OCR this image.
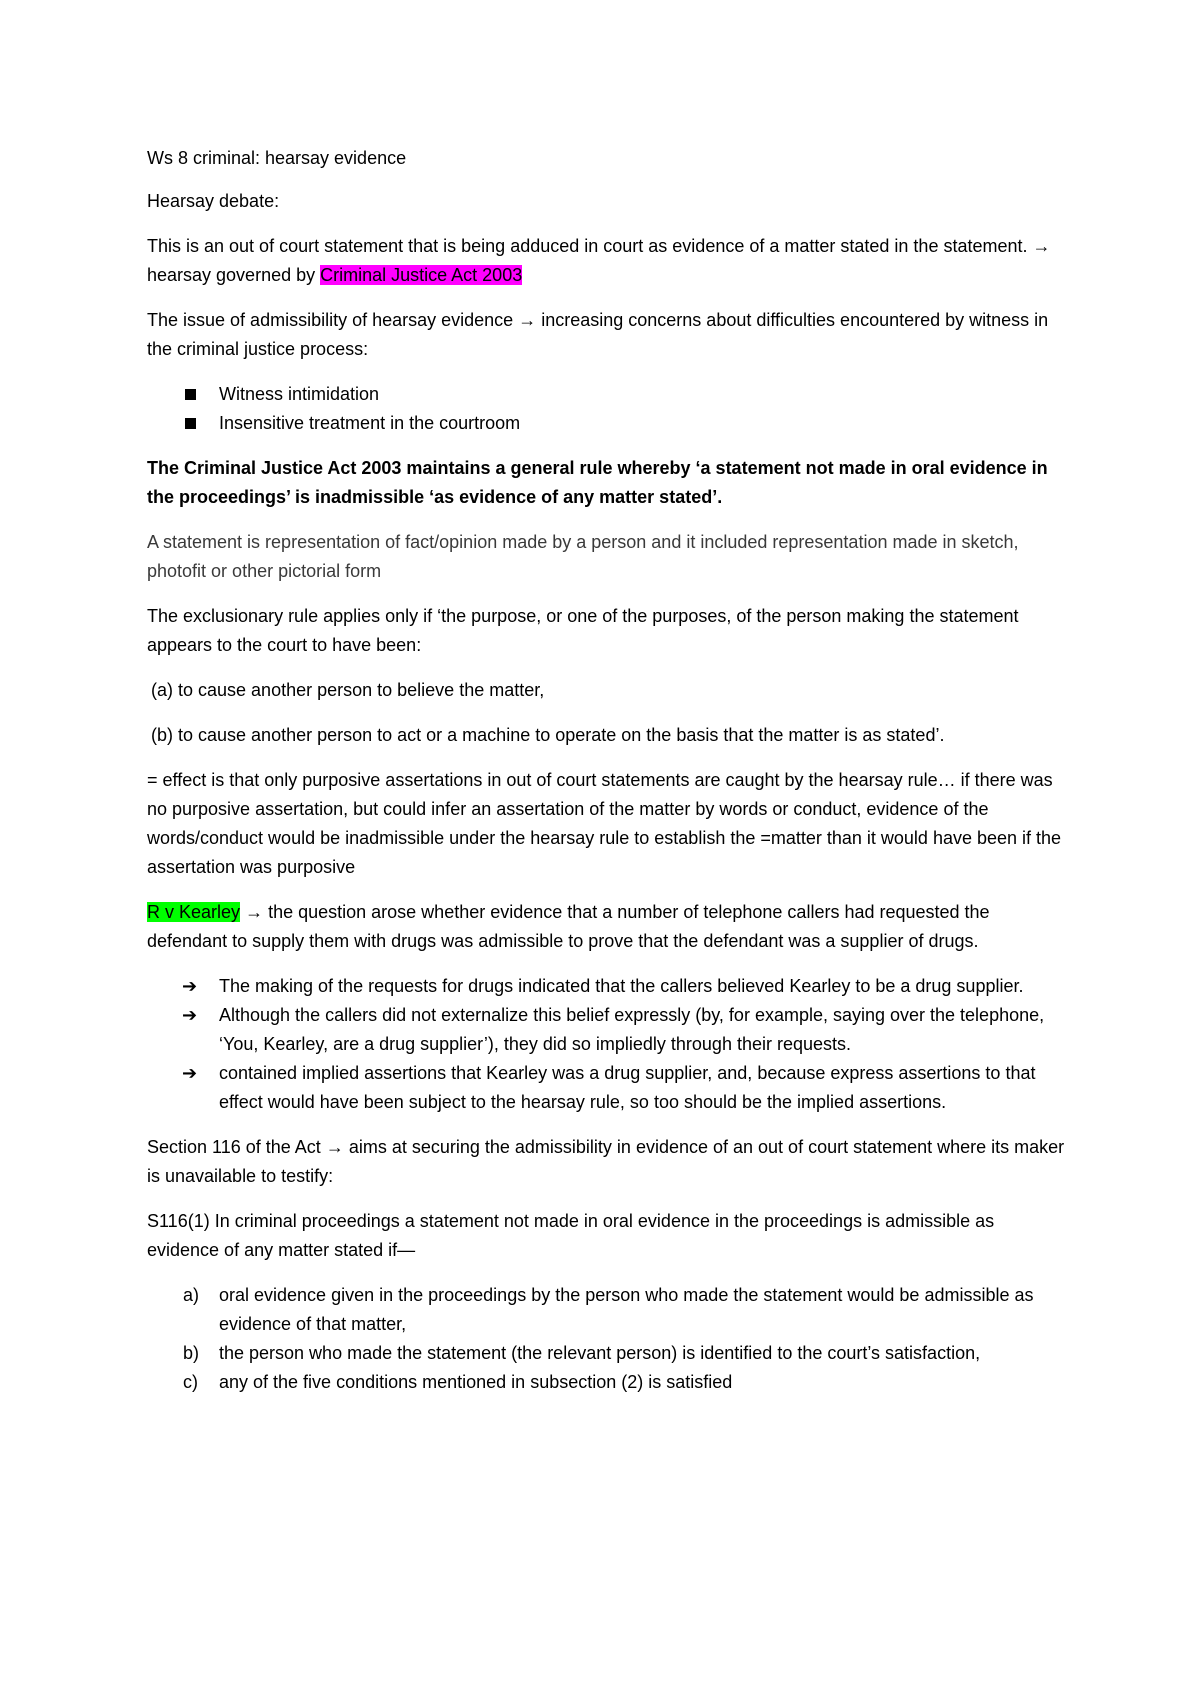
Ws 8 criminal: hearsay evidence

Hearsay debate:

This is an out of court statement that is being adduced in court as evidence of a matter stated in the statement. → hearsay governed by Criminal Justice Act 2003

The issue of admissibility of hearsay evidence → increasing concerns about difficulties encountered by witness in the criminal justice process:

Witness intimidation
Insensitive treatment in the courtroom

The Criminal Justice Act 2003 maintains a general rule whereby ‘a statement not made in oral evidence in the proceedings’ is inadmissible ‘as evidence of any matter stated’.

A statement is representation of fact/opinion made by a person and it included representation made in sketch, photofit or other pictorial form

The exclusionary rule applies only if ‘the purpose, or one of the purposes, of the person making the statement appears to the court to have been:

(a) to cause another person to believe the matter,

(b) to cause another person to act or a machine to operate on the basis that the matter is as stated’.

= effect is that only purposive assertations in out of court statements are caught by the hearsay rule… if there was no purposive assertation, but could infer an assertation of the matter by words or conduct, evidence of the words/conduct would be inadmissible under the hearsay rule to establish the =matter than it would have been if the assertation was purposive

R v Kearley → the question arose whether evidence that a number of telephone callers had requested the defendant to supply them with drugs was admissible to prove that the defendant was a supplier of drugs.

➔ The making of the requests for drugs indicated that the callers believed Kearley to be a drug supplier.
➔ Although the callers did not externalize this belief expressly (by, for example, saying over the telephone, ‘You, Kearley, are a drug supplier’), they did so impliedly through their requests.
➔ contained implied assertions that Kearley was a drug supplier, and, because express assertions to that effect would have been subject to the hearsay rule, so too should be the implied assertions.

Section 116 of the Act → aims at securing the admissibility in evidence of an out of court statement where its maker is unavailable to testify:

S116(1) In criminal proceedings a statement not made in oral evidence in the proceedings is admissible as evidence of any matter stated if—

a) oral evidence given in the proceedings by the person who made the statement would be admissible as evidence of that matter,
b) the person who made the statement (the relevant person) is identified to the court’s satisfaction,
c) any of the five conditions mentioned in subsection (2) is satisfied
